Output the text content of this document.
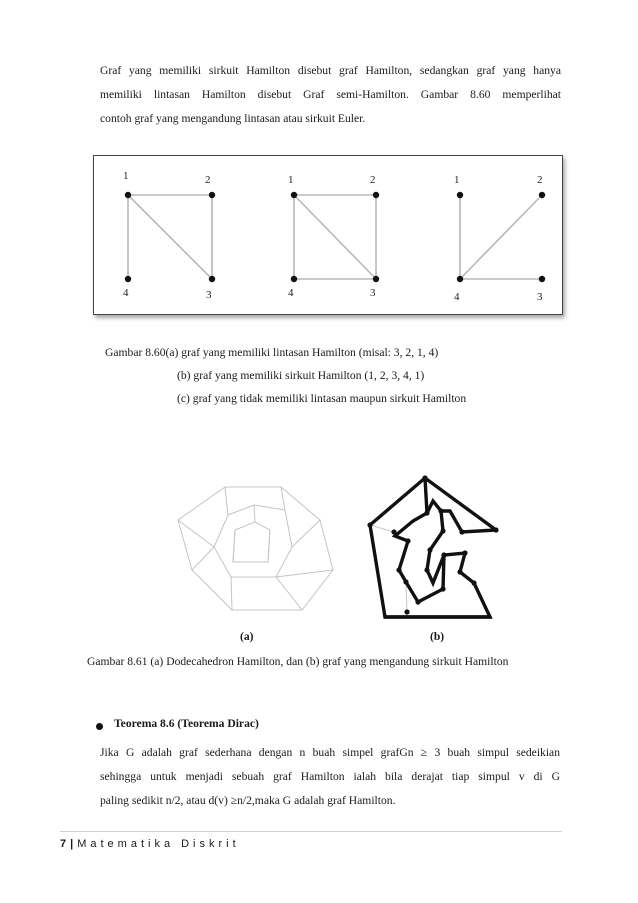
Graf yang memiliki sirkuit Hamilton disebut graf Hamilton, sedangkan graf yang hanya
memiliki lintasan Hamilton disebut Graf semi-Hamilton. Gambar 8.60 memperlihat
contoh graf yang mengandung lintasan atau sirkuit Euler.
1	2
3
4
1	2
3
4
1	2
3
4
Gambar 8.60(a) graf yang memiliki lintasan Hamilton (misal: 3, 2, 1, 4)
(b) graf yang memiliki sirkuit Hamilton (1, 2, 3, 4, 1)
(c) graf yang tidak memiliki lintasan maupun sirkuit Hamilton
(a)	(b)
Gambar 8.61 (a) Dodecahedron Hamilton, dan (b) graf yang mengandung sirkuit Hamilton
Teorema 8.6 (Teorema Dirac)
Jika G adalah graf sederhana dengan n buah simpel grafGn ≥ 3 buah simpul sedeikian
sehingga untuk menjadi sebuah graf Hamilton ialah bila derajat tiap simpul v di G
paling sedikit n/2, atau d(v) ≥n/2,maka G adalah graf Hamilton.
7 | Matematika Diskrit
